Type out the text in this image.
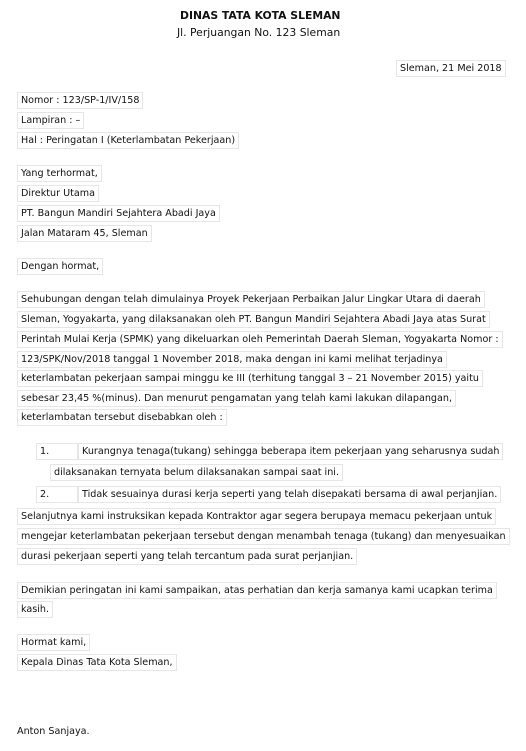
DINAS TATA KOTA SLEMAN
Jl. Perjuangan No. 123 Sleman
Sleman, 21 Mei 2018
Nomor : 123/SP-1/IV/158
Lampiran : –
Hal : Peringatan I (Keterlambatan Pekerjaan)
Yang terhormat,
Direktur Utama
PT. Bangun Mandiri Sejahtera Abadi Jaya
Jalan Mataram 45, Sleman
Dengan hormat,
Sehubungan dengan telah dimulainya Proyek Pekerjaan Perbaikan Jalur Lingkar Utara di daerah
Sleman, Yogyakarta, yang dilaksanakan oleh PT. Bangun Mandiri Sejahtera Abadi Jaya atas Surat
Perintah Mulai Kerja (SPMK) yang dikeluarkan oleh Pemerintah Daerah Sleman, Yogyakarta Nomor :
123/SPK/Nov/2018 tanggal 1 November 2018, maka dengan ini kami melihat terjadinya
keterlambatan pekerjaan sampai minggu ke III (terhitung tanggal 3 – 21 November 2015) yaitu
sebesar 23,45 %(minus). Dan menurut pengamatan yang telah kami lakukan dilapangan,
keterlambatan tersebut disebabkan oleh :
1.	Kurangnya tenaga(tukang) sehingga beberapa item pekerjaan yang seharusnya sudah
dilaksanakan ternyata belum dilaksanakan sampai saat ini.
2.	Tidak sesuainya durasi kerja seperti yang telah disepakati bersama di awal perjanjian.
Selanjutnya kami instruksikan kepada Kontraktor agar segera berupaya memacu pekerjaan untuk
mengejar keterlambatan pekerjaan tersebut dengan menambah tenaga (tukang) dan menyesuaikan
durasi pekerjaan seperti yang telah tercantum pada surat perjanjian.
Demikian peringatan ini kami sampaikan, atas perhatian dan kerja samanya kami ucapkan terima
kasih.
Hormat kami,
Kepala Dinas Tata Kota Sleman,
Anton Sanjaya.
